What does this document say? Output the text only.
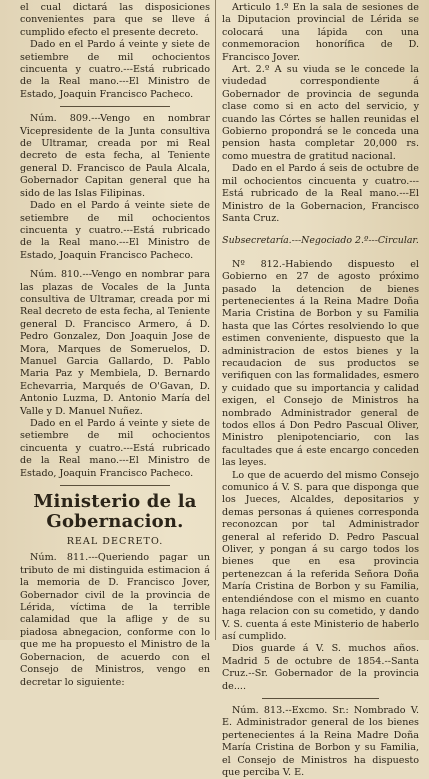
el cual dictará las disposiciones convenientes para que se lleve á cumplido efecto el presente decreto.

Dado en el Pardo á veinte y siete de setiembre de mil ochocientos cincuenta y cuatro.---Está rubricado de la Real mano.---El Ministro de Estado, Joaquin Francisco Pacheco.

Núm. 809.---Vengo en nombrar Vicepresidente de la Junta consultiva de Ultramar, creada por mi Real decreto de esta fecha, al Teniente general D. Francisco de Paula Alcala, Gobernador Capitan general que ha sido de las Islas Filipinas.

Dado en el Pardo á veinte siete de setiembre de mil ochocientos cincuenta y cuatro.---Está rubricado de la Real mano.---El Ministro de Estado, Joaquin Francisco Pacheco.

Núm. 810.---Vengo en nombrar para las plazas de Vocales de la Junta consultiva de Ultramar, creada por mi Real decreto de esta fecha, al Teniente general D. Francisco Armero, á D. Pedro Gonzalez, Don Joaquin Jose de Mora, Marques de Someruelos, D. Manuel Garcia Gallardo, D. Pablo Maria Paz y Membiela, D. Bernardo Echevarria, Marqués de O'Gavan, D. Antonio Luzma, D. Antonio María del Valle y D. Manuel Nuñez.

Dado en el Pardo á veinte y siete de setiembre de mil ochocientos cincuenta y cuatro.---Está rubricado de la Real mano.---El Ministro de Estado, Joaquin Francisco Pacheco.

Ministerio de la Gobernacion.
REAL DECRETO.

Núm. 811.---Queriendo pagar un tributo de mi distinguida estimacion á la memoria de D. Francisco Jover, Gobernador civil de la provincia de Lérida, víctima de la terrible calamidad que la aflige y de su piadosa abnegacion, conforme con lo que me ha propuesto el Ministro de la Gobernacion, de acuerdo con el Consejo de Ministros, vengo en decretar lo siguiente:

Articulo 1.º En la sala de sesiones de la Diputacion provincial de Lérida se colocará una lápida con una conmemoracion honorífica de D. Francisco Jover.

Art. 2.º A su viuda se le concede la viudedad correspondiente á Gobernador de provincia de segunda clase como si en acto del servicio, y cuando las Córtes se hallen reunidas el Gobierno propondrá se le conceda una pension hasta completar 20,000 rs. como muestra de gratitud nacional.

Dado en el Pardo á seis de octubre de mil ochocientos cincuenta y cuatro.---Está rubricado de la Real mano.---El Ministro de la Gobernacion, Francisco Santa Cruz.

Subsecretaría.---Negociado 2.º---Circular.

Nº 812.-Habiendo dispuesto el Gobierno en 27 de agosto próximo pasado la detencion de bienes pertenecientes á la Reina Madre Doña Maria Cristina de Borbon y su Familia hasta que las Córtes resolviendo lo que estimen conveniente, dispuesto que la administracion de estos bienes y la recaudacion de sus productos se verifiquen con las formalidades, esmero y cuidado que su importancia y calidad exigen, el Consejo de Ministros ha nombrado Administrador general de todos ellos á Don Pedro Pascual Oliver, Ministro plenipotenciario, con las facultades que á este encargo conceden las leyes.

Lo que de acuerdo del mismo Consejo comunico á V. S. para que disponga que los Jueces, Alcaldes, depositarios y demas personas á quienes corresponda reconozcan por tal Administrador general al referido D. Pedro Pascual Oliver, y pongan á su cargo todos los bienes que en esa provincia pertenezcan á la referida Señora Doña María Cristina de Borbon y su Familia, entendiéndose con el mismo en cuanto haga relacion con su cometido, y dando V. S. cuenta á este Ministerio de haberlo así cumplido.

Dios guarde á V. S. muchos años. Madrid 5 de octubre de 1854.--Santa Cruz.--Sr. Gobernador de la provincia de....

Núm. 813.--Excmo. Sr.: Nombrado V. E. Administrador general de los bienes pertenecientes á la Reina Madre Doña María Cristina de Borbon y su Familia, el Consejo de Ministros ha dispuesto que perciba V. E.
